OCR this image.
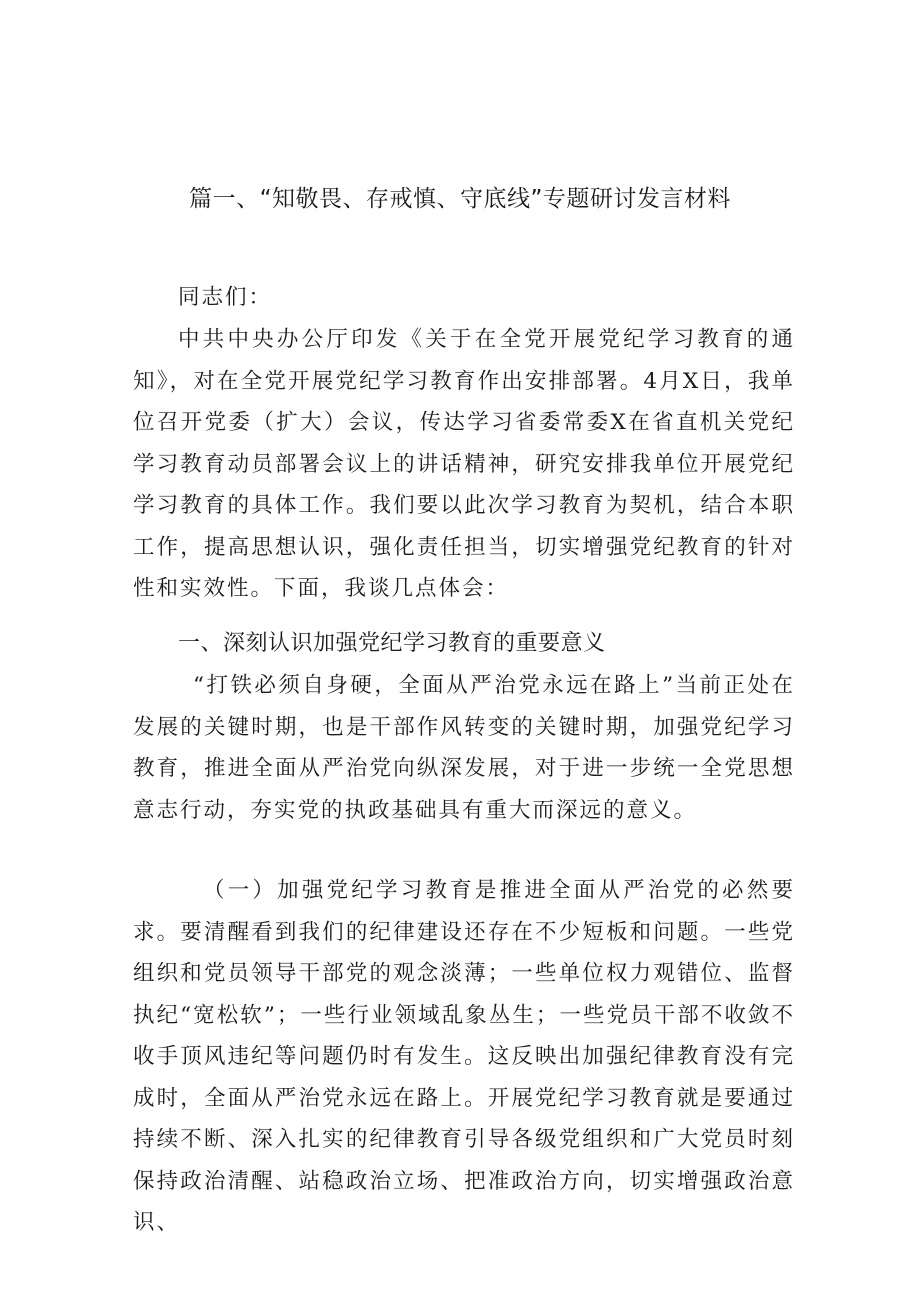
篇一、“知敬畏、存戒慎、守底线”专题研讨发言材料

同志们：

中共中央办公厅印发《关于在全党开展党纪学习教育的通知》，对在全党开展党纪学习教育作出安排部署。4月X日，我单位召开党委（扩大）会议，传达学习省委常委X在省直机关党纪学习教育动员部署会议上的讲话精神，研究安排我单位开展党纪学习教育的具体工作。我们要以此次学习教育为契机，结合本职工作，提高思想认识，强化责任担当，切实增强党纪教育的针对性和实效性。下面，我谈几点体会：

一、深刻认识加强党纪学习教育的重要意义

“打铁必须自身硬，全面从严治党永远在路上”当前正处在发展的关键时期，也是干部作风转变的关键时期，加强党纪学习教育，推进全面从严治党向纵深发展，对于进一步统一全党思想意志行动，夯实党的执政基础具有重大而深远的意义。

（一）加强党纪学习教育是推进全面从严治党的必然要求。要清醒看到我们的纪律建设还存在不少短板和问题。一些党组织和党员领导干部党的观念淡薄；一些单位权力观错位、监督执纪“宽松软”；一些行业领域乱象丛生；一些党员干部不收敛不收手顶风违纪等问题仍时有发生。这反映出加强纪律教育没有完成时，全面从严治党永远在路上。开展党纪学习教育就是要通过持续不断、深入扎实的纪律教育引导各级党组织和广大党员时刻保持政治清醒、站稳政治立场、把准政治方向，切实增强政治意识、
